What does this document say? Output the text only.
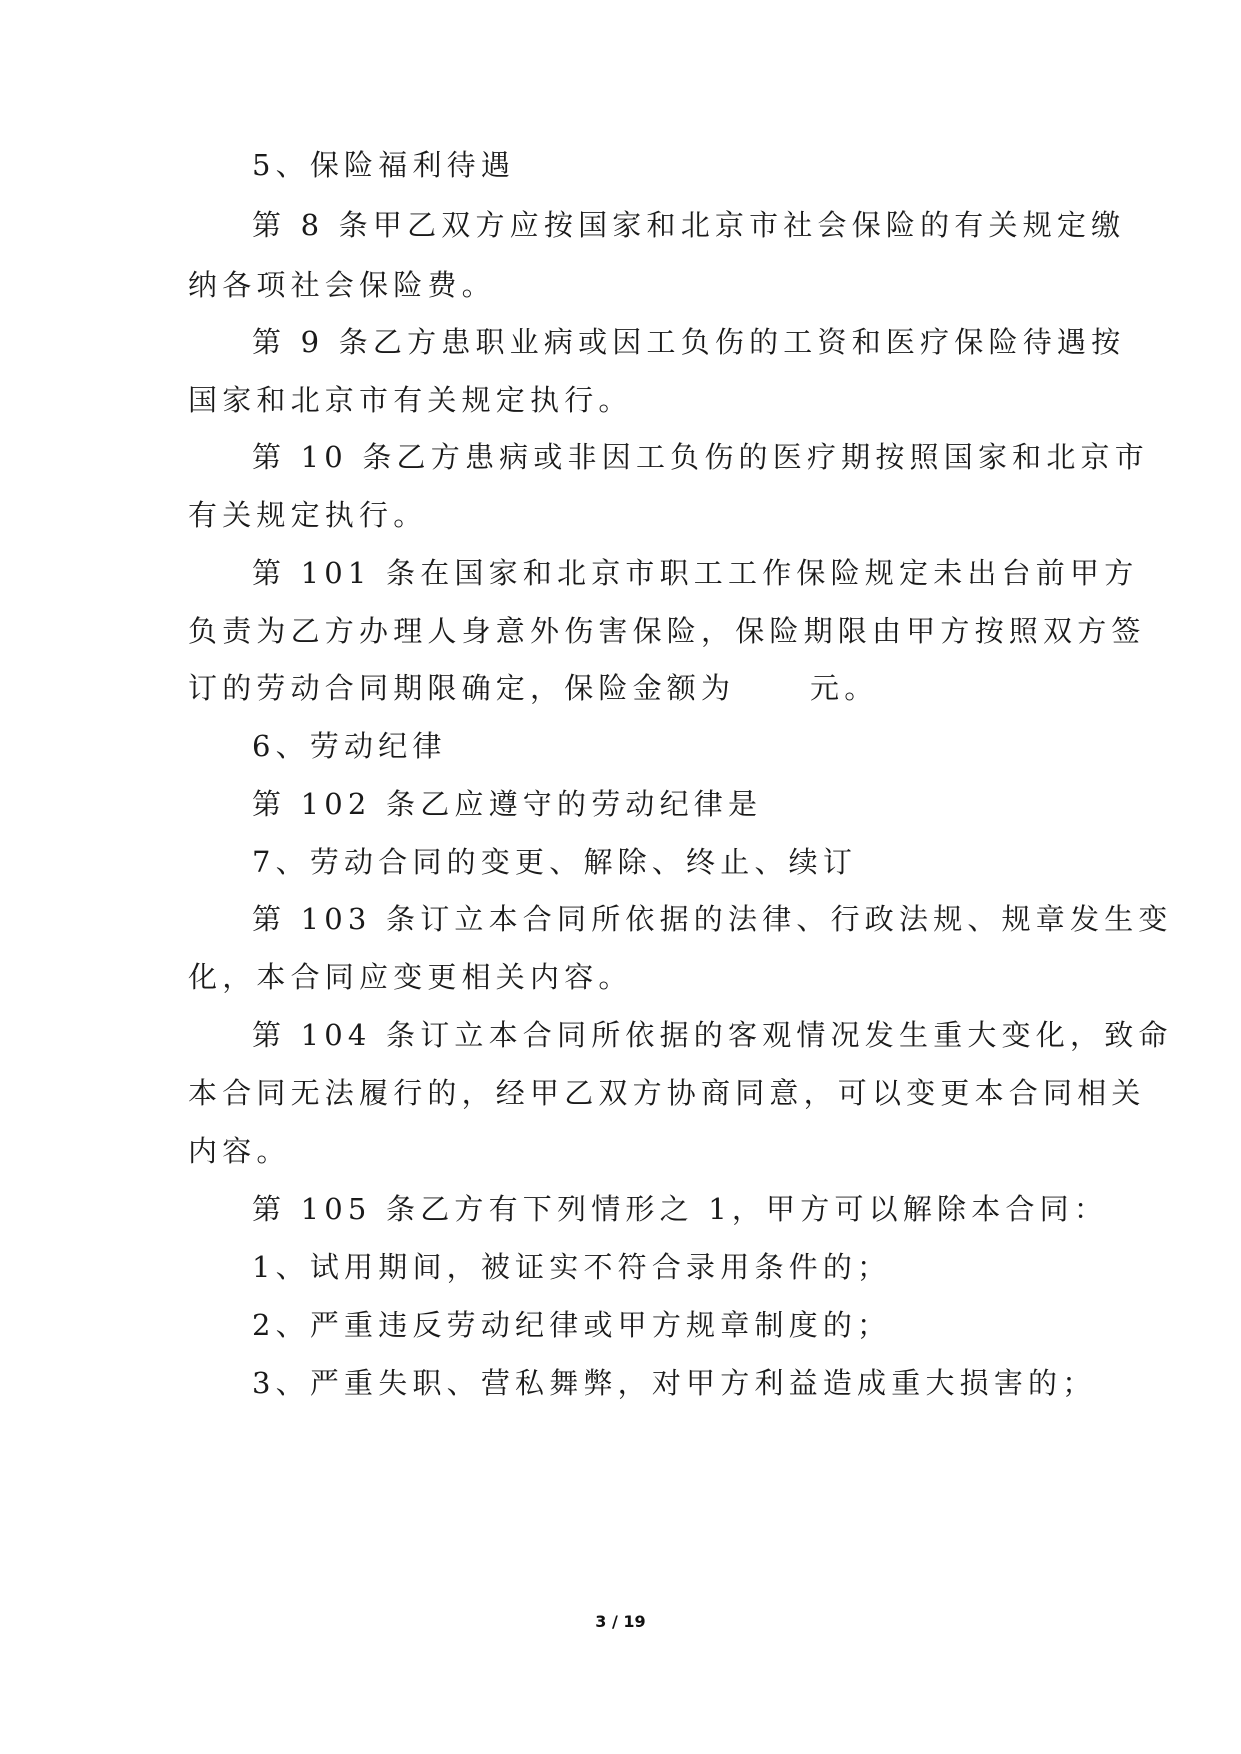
5、保险福利待遇
第 8 条甲乙双方应按国家和北京市社会保险的有关规定缴
纳各项社会保险费。
第 9 条乙方患职业病或因工负伤的工资和医疗保险待遇按
国家和北京市有关规定执行。
第 10 条乙方患病或非因工负伤的医疗期按照国家和北京市
有关规定执行。
第 101 条在国家和北京市职工工作保险规定未出台前甲方
负责为乙方办理人身意外伤害保险，保险期限由甲方按照双方签
订的劳动合同期限确定，保险金额为	元。
6、劳动纪律
第 102 条乙应遵守的劳动纪律是
7、劳动合同的变更、解除、终止、续订
第 103 条订立本合同所依据的法律、行政法规、规章发生变
化，本合同应变更相关内容。
第 104 条订立本合同所依据的客观情况发生重大变化，致命
本合同无法履行的，经甲乙双方协商同意，可以变更本合同相关
内容。
第 105 条乙方有下列情形之 1，甲方可以解除本合同：
1、试用期间，被证实不符合录用条件的；
2、严重违反劳动纪律或甲方规章制度的；
3、严重失职、营私舞弊，对甲方利益造成重大损害的；
3 / 19
